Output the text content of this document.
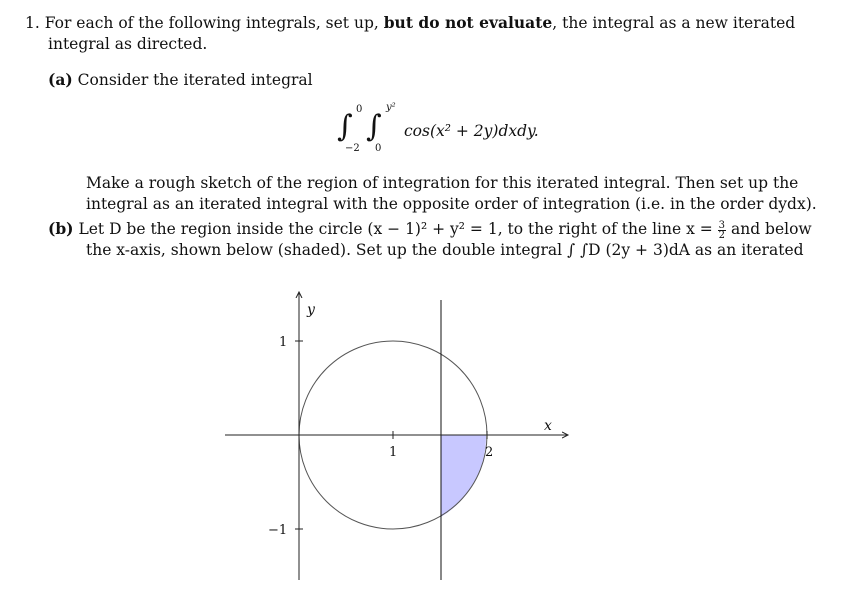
1. For each of the following integrals, set up, but do not evaluate, the integral as a new iterated
integral as directed.
(a) Consider the iterated integral
∫ 0
−2
∫
y²
0
cos(x² + 2y)dxdy.
Make a rough sketch of the region of integration for this iterated integral. Then set up the
integral as an iterated integral with the opposite order of integration (i.e. in the order dydx).
(b) Let D be the region inside the circle (x − 1)² + y² = 1, to the right of the line $x = \frac{3}{2}$ and below
the x-axis, shown below (shaded). Set up the double integral ∫ ∫D (2y + 3)dA as an iterated
y
x
1
−1
1	2
